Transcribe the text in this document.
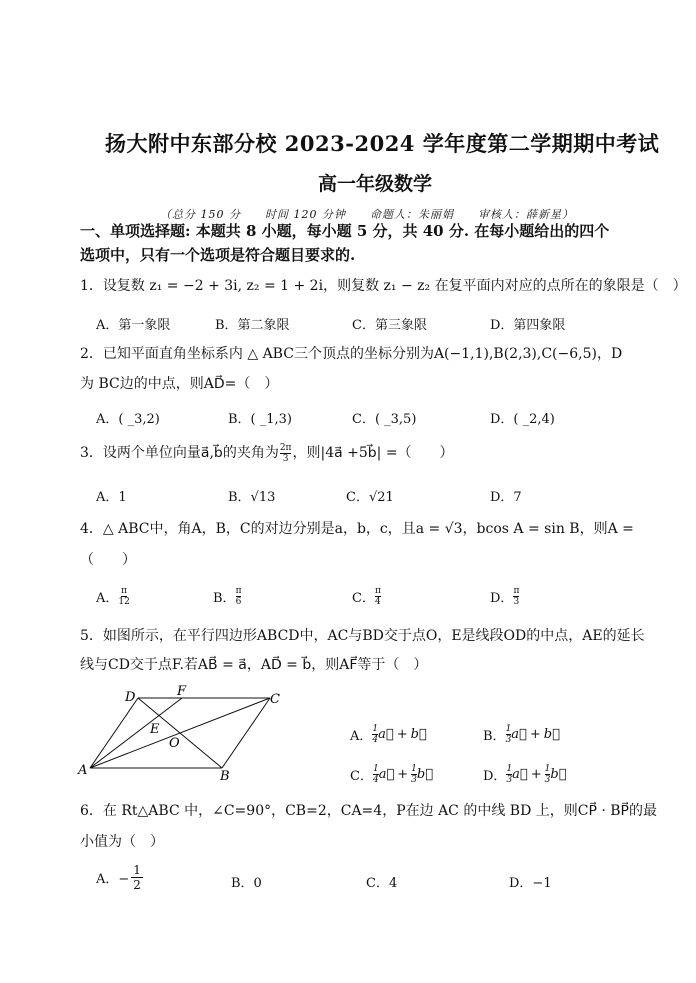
扬大附中东部分校 2023-2024 学年度第二学期期中考试
高一年级数学
（总分 150 分　　时间 120 分钟　　命题人：朱丽娟　　审核人：薛新星）
一、单项选择题: 本题共 8 小题，每小题 5 分，共 40 分. 在每小题给出的四个
选项中，只有一个选项是符合题目要求的.
1．设复数 z₁ = −2 + 3i, z₂ = 1 + 2i，则复数 z₁ − z₂ 在复平面内对应的点所在的象限是（　）
A．第一象限	B．第二象限	C．第三象限	D．第四象限
2．已知平面直角坐标系内 △ ABC三个顶点的坐标分别为A(−1,1),B(2,3),C(−6,5)，D
为 BC边的中点，则AD⃗=（　）
A．( _3,2)	B．( _1,3)	C．( _3,5)	D．( _2,4)
3．设两个单位向量a⃗,b⃗的夹角为 $\frac{2\pi}{3}$ ，则|4a⃗ +5b⃗| =（　　）
A．1	B．√13	C．√21	D．7
4．△ ABC中，角A，B，C的对边分别是a，b，c，且a = √3，bcos A = sin B，则A =
（　　）
A． $\frac{\pi}{12}$	B． $\frac{\pi}{6}$	C． $\frac{\pi}{4}$	D． $\frac{\pi}{3}$
5．如图所示，在平行四边形ABCD中，AC与BD交于点O，E是线段OD的中点，AE的延长
线与CD交于点F.若AB⃗ = a⃗，AD⃗ = b⃗，则AF⃗等于（　）
A	B
C
D
E
F
O	A． $\frac{1}{4}$ a⃗ + b⃗	B． $\frac{1}{3}$ a⃗ + b⃗
C． 1
4 a⃗ + $\frac{1}{3}$ b⃗	D． 1
3 a⃗ + $\frac{1}{3}$ b⃗
6．在 Rt△ABC 中，∠C=90°，CB=2，CA=4，P在边 AC 的中线 BD 上，则CP⃗ · BP⃗的最
小值为（　）
A．− $\frac{1}{2}$	B．0	C．4	D．−1
